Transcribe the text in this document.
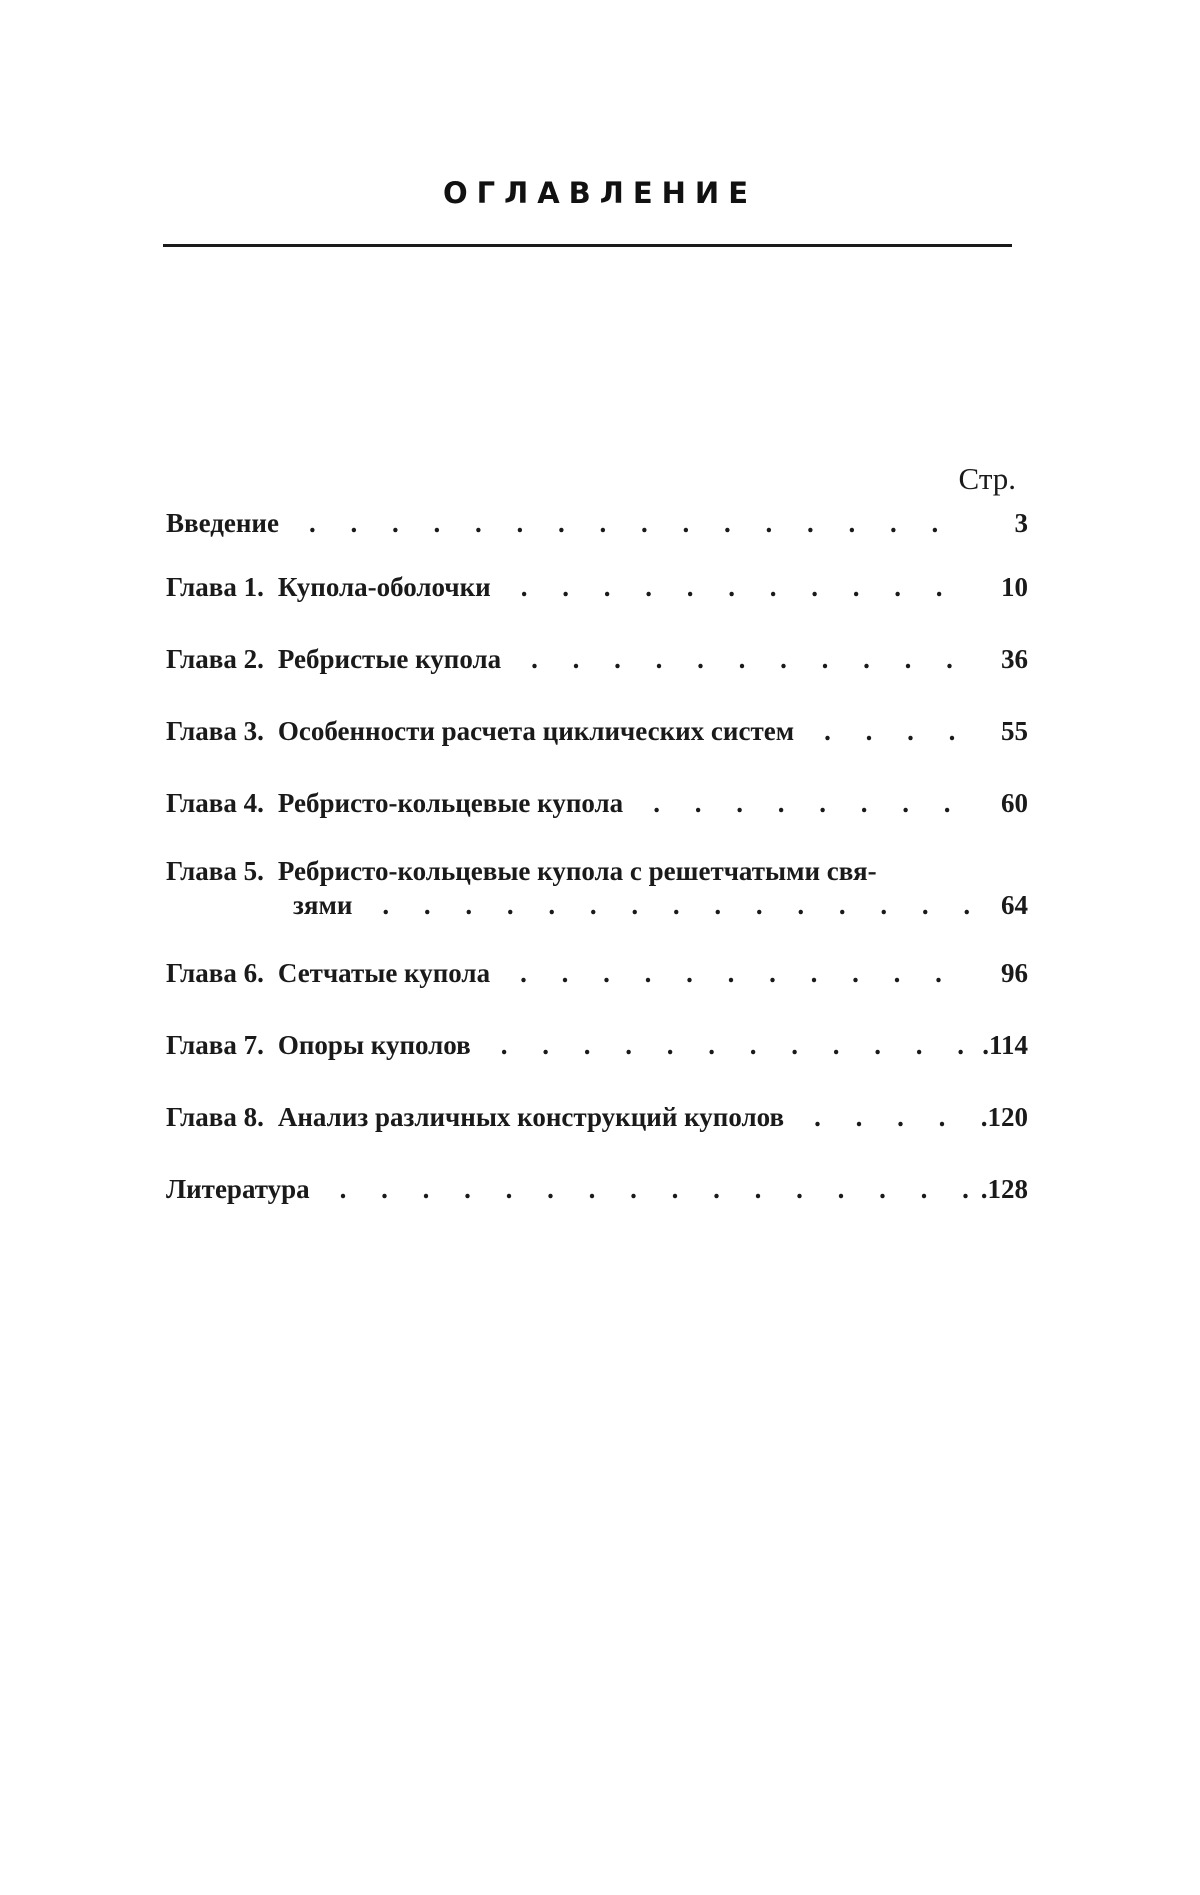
ОГЛАВЛЕНИЕ
Стр.
Введение . . .	3
Глава 1. Купола-оболочки . . .	10
Глава 2. Ребристые купола . . .	36
Глава 3. Особенности расчета циклических систем . . .	55
Глава 4. Ребристо-кольцевые купола . . .	60
Глава 5. Ребристо-кольцевые купола с решетчатыми свя-
зями . . .	64
Глава 6. Сетчатые купола . . .	96
Глава 7. Опоры куполов . . .	.114
Глава 8. Анализ различных конструкций куполов . . .	.120
Литература . . .	.128
